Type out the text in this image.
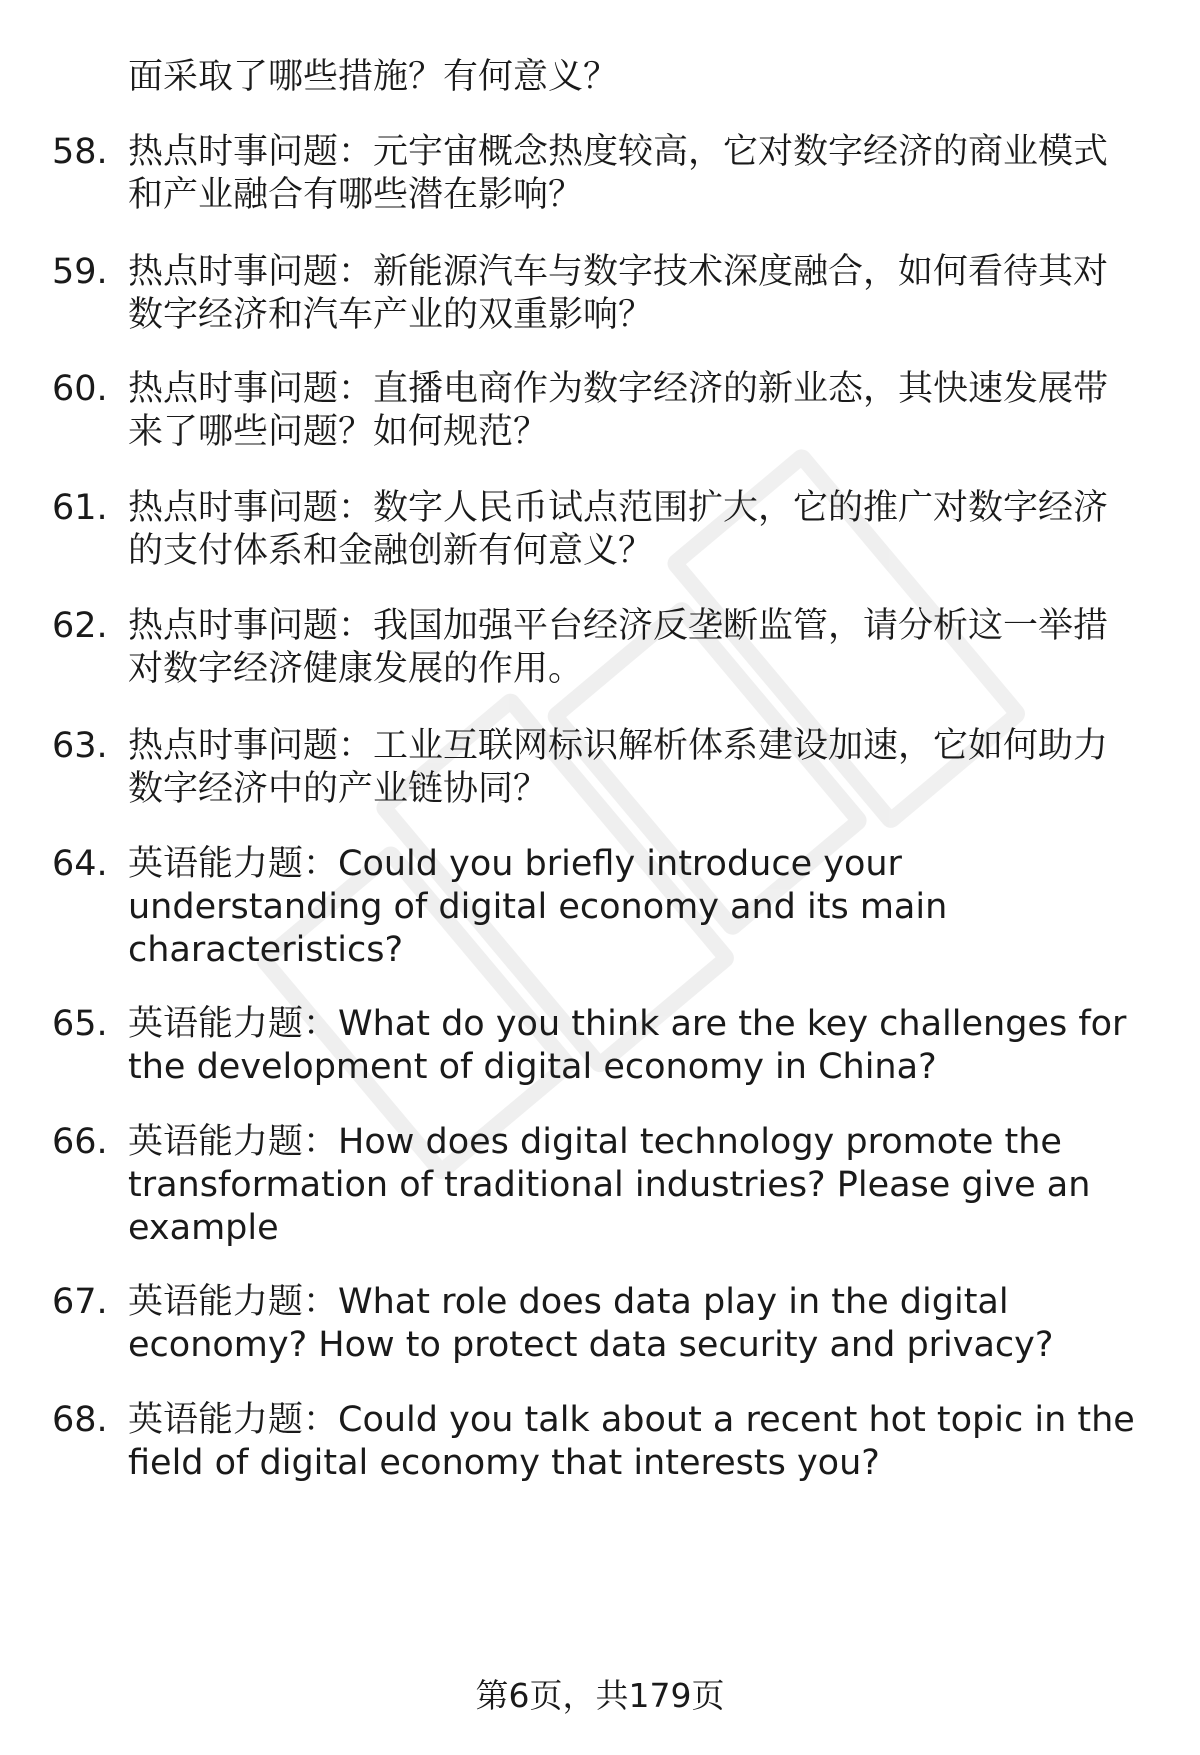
面采取了哪些措施？有何意义？
58. 热点时事问题：元宇宙概念热度较高，它对数字经济的商业模式
和产业融合有哪些潜在影响？
59. 热点时事问题：新能源汽车与数字技术深度融合，如何看待其对
数字经济和汽车产业的双重影响？
60. 热点时事问题：直播电商作为数字经济的新业态，其快速发展带
来了哪些问题？如何规范？
61. 热点时事问题：数字人民币试点范围扩大，它的推广对数字经济
的支付体系和金融创新有何意义？
62. 热点时事问题：我国加强平台经济反垄断监管，请分析这一举措
对数字经济健康发展的作用。
63. 热点时事问题：工业互联网标识解析体系建设加速，它如何助力
数字经济中的产业链协同？
64. 英语能力题：Could you briefly introduce your
understanding of digital economy and its main
characteristics?
65. 英语能力题：What do you think are the key challenges for
the development of digital economy in China?
66. 英语能力题：How does digital technology promote the
transformation of traditional industries? Please give an
example
67. 英语能力题：What role does data play in the digital
economy? How to protect data security and privacy?
68. 英语能力题：Could you talk about a recent hot topic in the
field of digital economy that interests you?
第6页，共179页
